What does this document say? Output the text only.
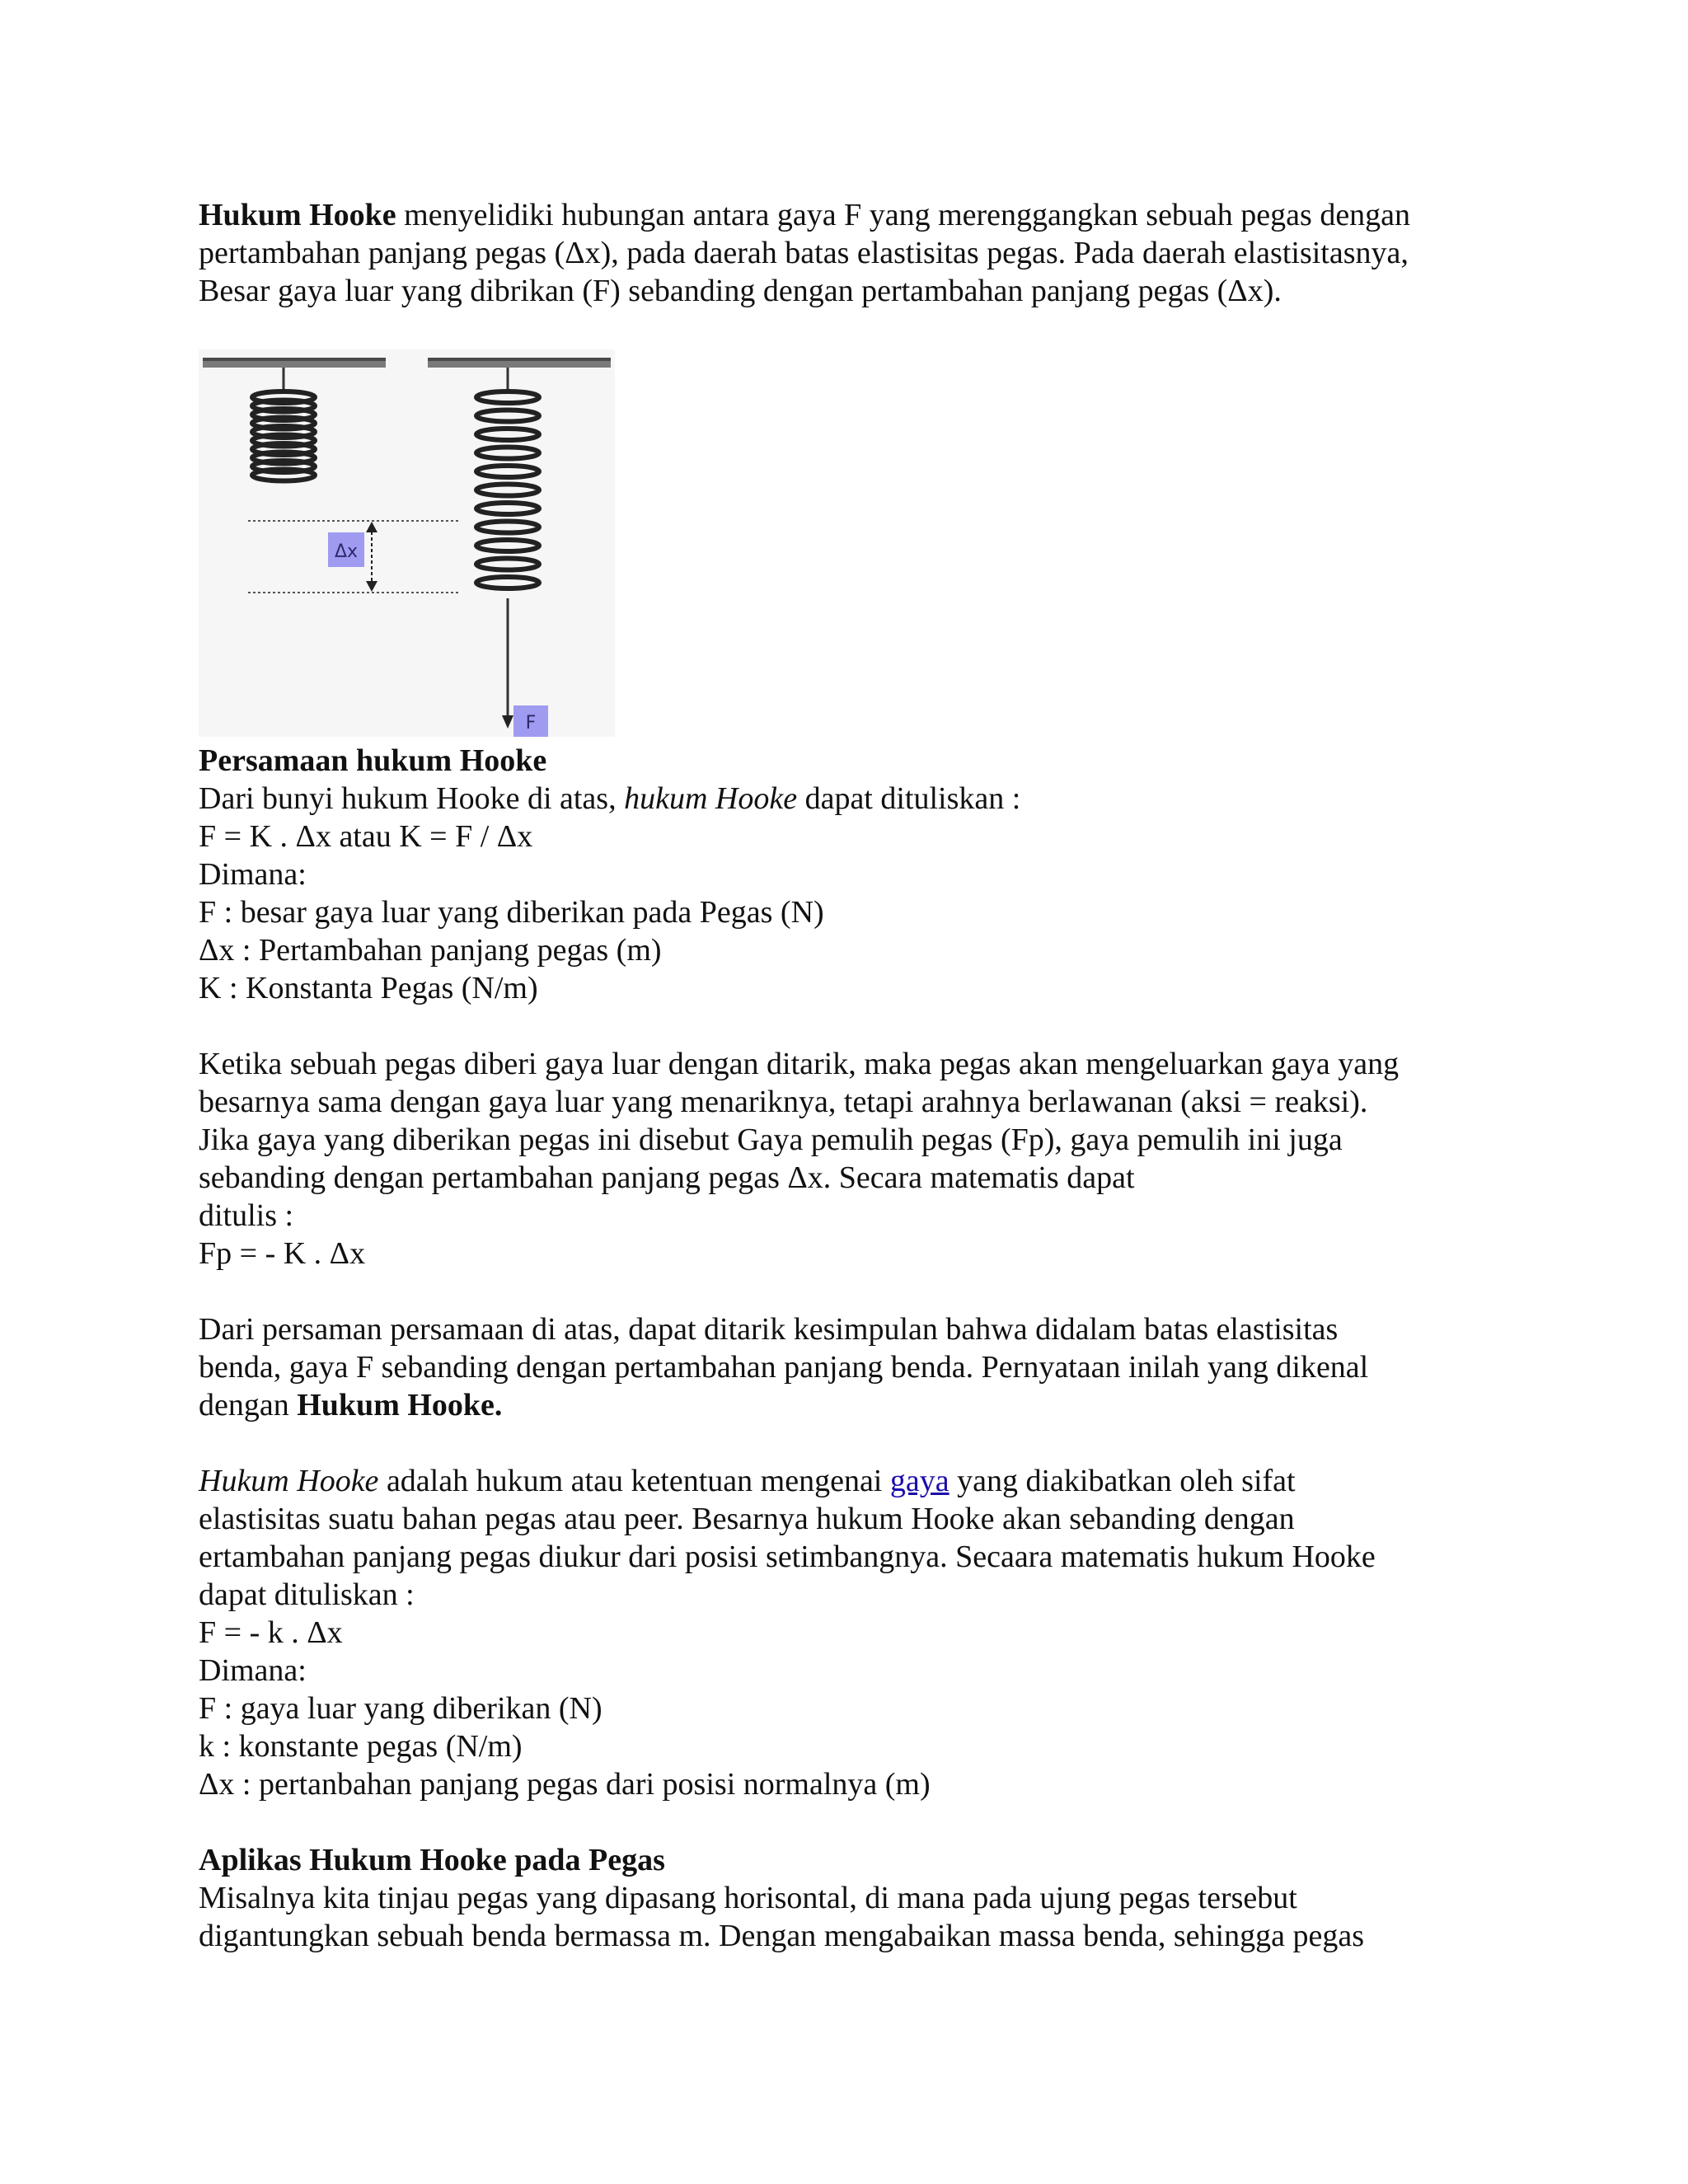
Hukum Hooke menyelidiki hubungan antara gaya F yang merenggangkan sebuah pegas dengan
pertambahan panjang pegas (Δx), pada daerah batas elastisitas pegas. Pada daerah elastisitasnya,
Besar gaya luar yang dibrikan (F) sebanding dengan pertambahan panjang pegas (Δx).

Δx
F

Persamaan hukum Hooke
Dari bunyi hukum Hooke di atas, hukum Hooke dapat dituliskan :
F = K . Δx atau K = F / Δx
Dimana:
F : besar gaya luar yang diberikan pada Pegas (N)
Δx : Pertambahan panjang pegas (m)
K : Konstanta Pegas (N/m)

Ketika sebuah pegas diberi gaya luar dengan ditarik, maka pegas akan mengeluarkan gaya yang
besarnya sama dengan gaya luar yang menariknya, tetapi arahnya berlawanan (aksi = reaksi).
Jika gaya yang diberikan pegas ini disebut Gaya pemulih pegas (Fp), gaya pemulih ini juga
sebanding dengan pertambahan panjang pegas Δx. Secara matematis dapat
ditulis :
Fp = - K . Δx

Dari persaman persamaan di atas, dapat ditarik kesimpulan bahwa didalam batas elastisitas
benda, gaya F sebanding dengan pertambahan panjang benda. Pernyataan inilah yang dikenal
dengan Hukum Hooke.

Hukum Hooke adalah hukum atau ketentuan mengenai gaya yang diakibatkan oleh sifat
elastisitas suatu bahan pegas atau peer. Besarnya hukum Hooke akan sebanding dengan
ertambahan panjang pegas diukur dari posisi setimbangnya. Secaara matematis hukum Hooke
dapat dituliskan :
F = - k . Δx
Dimana:
F : gaya luar yang diberikan (N)
k : konstante pegas (N/m)
Δx : pertanbahan panjang pegas dari posisi normalnya (m)

Aplikas Hukum Hooke pada Pegas
Misalnya kita tinjau pegas yang dipasang horisontal, di mana pada ujung pegas tersebut
digantungkan sebuah benda bermassa m. Dengan mengabaikan massa benda, sehingga pegas
